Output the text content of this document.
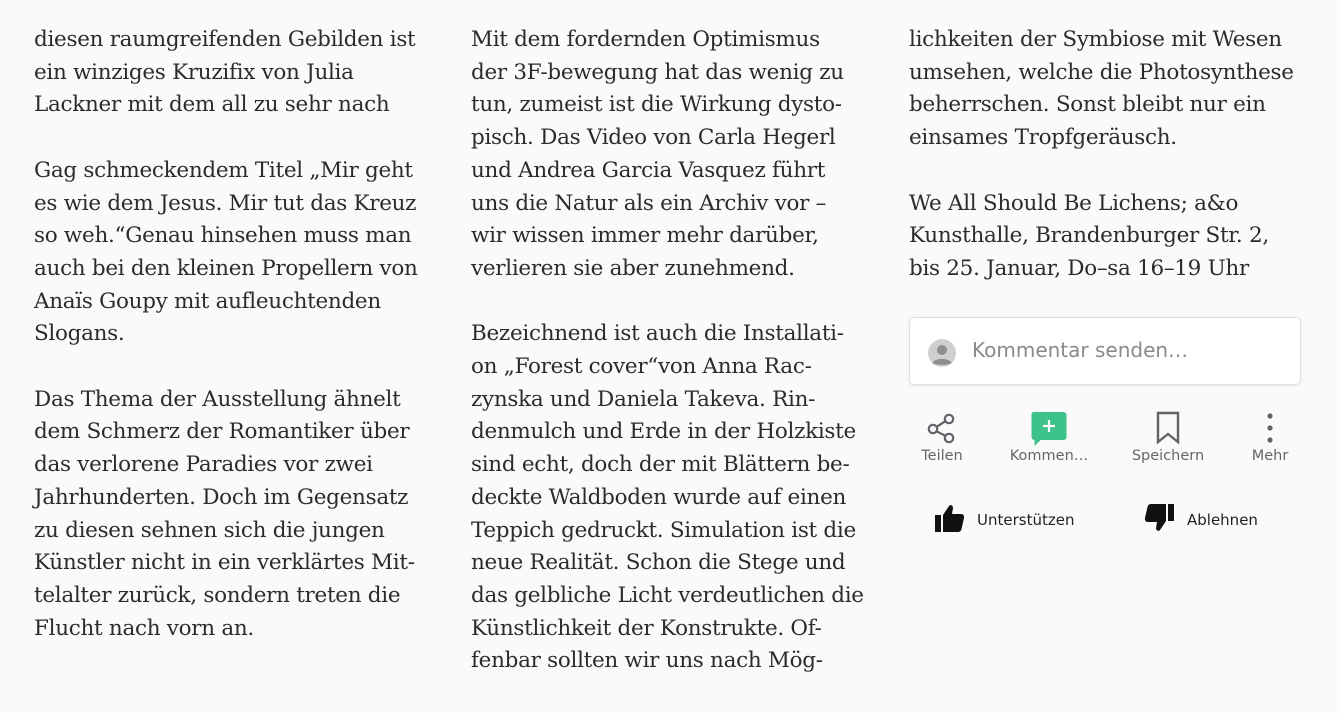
diesen raumgreifenden Gebilden ist
ein winziges Kruzifix von Julia
Lackner mit dem all zu sehr nach
Gag schmeckendem Titel „Mir geht
es wie dem Jesus. Mir tut das Kreuz
so weh.“Genau hinsehen muss man
auch bei den kleinen Propellern von
Anaïs Goupy mit aufleuchtenden
Slogans.
Das Thema der Ausstellung ähnelt
dem Schmerz der Romantiker über
das verlorene Paradies vor zwei
Jahrhunderten. Doch im Gegensatz
zu diesen sehnen sich die jungen
Künstler nicht in ein verklärtes Mit-
telalter zurück, sondern treten die
Flucht nach vorn an.
Mit dem fordernden Optimismus
der 3F-bewegung hat das wenig zu
tun, zumeist ist die Wirkung dysto-
pisch. Das Video von Carla Hegerl
und Andrea Garcia Vasquez führt
uns die Natur als ein Archiv vor –
wir wissen immer mehr darüber,
verlieren sie aber zunehmend.
Bezeichnend ist auch die Installati-
on „Forest cover“von Anna Rac-
zynska und Daniela Takeva. Rin-
denmulch und Erde in der Holzkiste
sind echt, doch der mit Blättern be-
deckte Waldboden wurde auf einen
Teppich gedruckt. Simulation ist die
neue Realität. Schon die Stege und
das gelbliche Licht verdeutlichen die
Künstlichkeit der Konstrukte. Of-
fenbar sollten wir uns nach Mög-
lichkeiten der Symbiose mit Wesen
umsehen, welche die Photosynthese
beherrschen. Sonst bleibt nur ein
einsames Tropfgeräusch.
We All Should Be Lichens; a&o
Kunsthalle, Brandenburger Str. 2,
bis 25. Januar, Do–sa 16–19 Uhr
Kommentar senden…
Teilen	Kommen…	Speichern	Mehr
Unterstützen	Ablehnen
